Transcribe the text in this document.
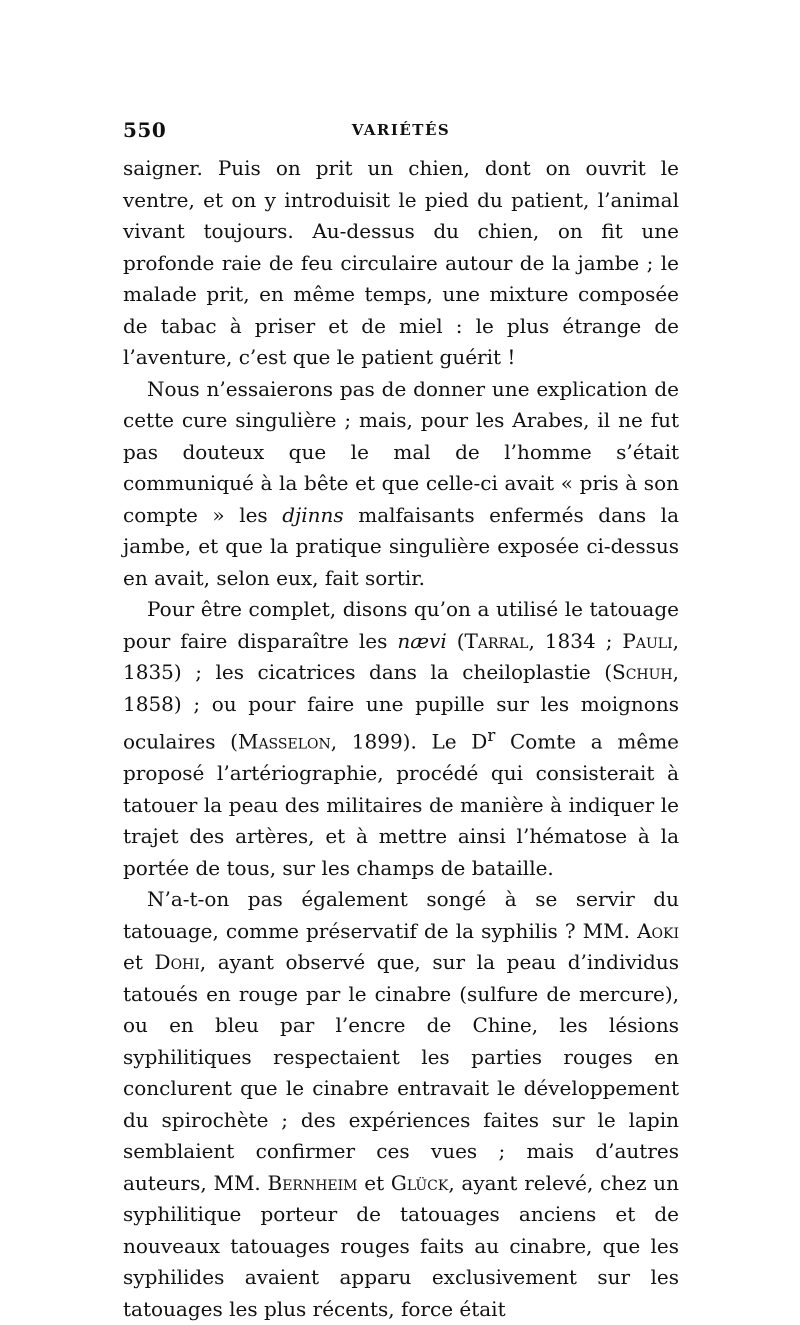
550	VARIÉTÉS

saigner. Puis on prit un chien, dont on ouvrit le ventre, et on y introduisit le pied du patient, l’animal vivant toujours. Au-dessus du chien, on fit une profonde raie de feu circulaire autour de la jambe ; le malade prit, en même temps, une mixture composée de tabac à priser et de miel : le plus étrange de l’aventure, c’est que le patient guérit !

Nous n’essaierons pas de donner une explication de cette cure singulière ; mais, pour les Arabes, il ne fut pas douteux que le mal de l’homme s’était communiqué à la bête et que celle-ci avait « pris à son compte » les djinns malfaisants enfermés dans la jambe, et que la pratique singulière exposée ci-dessus en avait, selon eux, fait sortir.

Pour être complet, disons qu’on a utilisé le tatouage pour faire disparaître les nævi (Tarral, 1834 ; Pauli, 1835) ; les cicatrices dans la cheiloplastie (Schuh, 1858) ; ou pour faire une pupille sur les moignons oculaires (Masselon, 1899). Le $D^r$ Comte a même proposé l’artériographie, procédé qui consisterait à tatouer la peau des militaires de manière à indiquer le trajet des artères, et à mettre ainsi l’hématose à la portée de tous, sur les champs de bataille.

N’a-t-on pas également songé à se servir du tatouage, comme préservatif de la syphilis ? MM. Aoki et Dohi, ayant observé que, sur la peau d’individus tatoués en rouge par le cinabre (sulfure de mercure), ou en bleu par l’encre de Chine, les lésions syphilitiques respectaient les parties rouges en conclurent que le cinabre entravait le développement du spirochète ; des expériences faites sur le lapin semblaient confirmer ces vues ; mais d’autres auteurs, MM. Bernheim et Glück, ayant relevé, chez un syphilitique porteur de tatouages anciens et de nouveaux tatouages rouges faits au cinabre, que les syphilides avaient apparu exclusivement sur les tatouages les plus récents, force était
